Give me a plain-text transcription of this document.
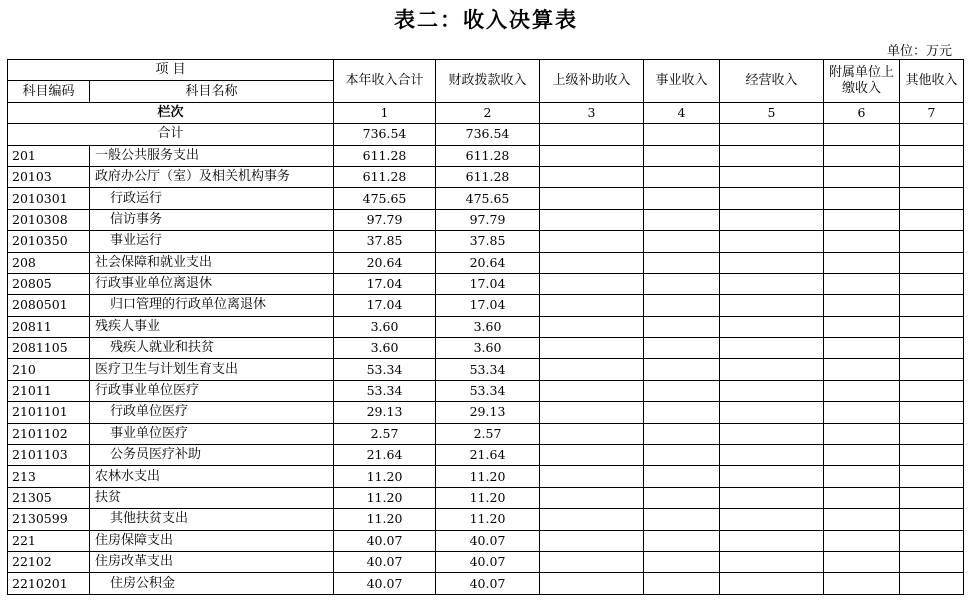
表二：收入决算表
单位：万元
项 目		本年收入合计	财政拨款收入	上级补助收入	事业收入	经营收入	附属单位上缴收入	其他收入
科目编码	科目名称							
栏次		1	2	3	4	5	6	7
合计		736.54	736.54					
201	一般公共服务支出	611.28	611.28					
20103	政府办公厅（室）及相关机构事务	611.28	611.28					
2010301	行政运行	475.65	475.65					
2010308	信访事务	97.79	97.79					
2010350	事业运行	37.85	37.85					
208	社会保障和就业支出	20.64	20.64					
20805	行政事业单位离退休	17.04	17.04					
2080501	归口管理的行政单位离退休	17.04	17.04					
20811	残疾人事业	3.60	3.60					
2081105	残疾人就业和扶贫	3.60	3.60					
210	医疗卫生与计划生育支出	53.34	53.34					
21011	行政事业单位医疗	53.34	53.34					
2101101	行政单位医疗	29.13	29.13					
2101102	事业单位医疗	2.57	2.57					
2101103	公务员医疗补助	21.64	21.64					
213	农林水支出	11.20	11.20					
21305	扶贫	11.20	11.20					
2130599	其他扶贫支出	11.20	11.20					
221	住房保障支出	40.07	40.07					
22102	住房改革支出	40.07	40.07					
2210201	住房公积金	40.07	40.07					
